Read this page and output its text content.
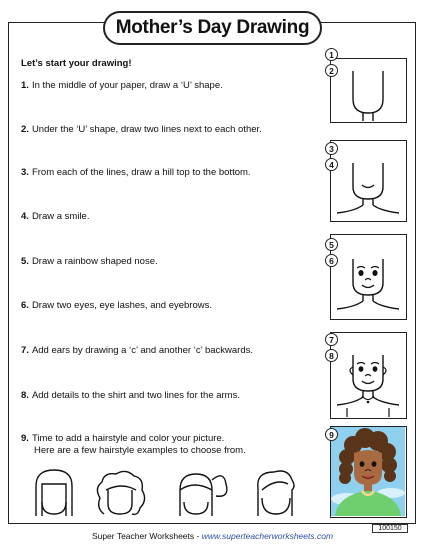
Mother’s Day Drawing
Let’s start your drawing!
1. In the middle of your paper, draw a ‘U’ shape.
2. Under the ‘U’ shape, draw two lines next to each other.
3. From each of the lines, draw a hill top to the bottom.
4. Draw a smile.
5. Draw a rainbow shaped nose.
6. Draw two eyes, eye lashes, and eyebrows.
7. Add ears by drawing a ‘c’ and another ‘c’ backwards.
8. Add details to the shirt and two lines for the arms.
9. Time to add a hairstyle and color your picture.
Here are a few hairstyle examples to choose from.
1
2
3
4
5
6
7
8
9
100150
Super Teacher Worksheets - www.superteacherworksheets.com
